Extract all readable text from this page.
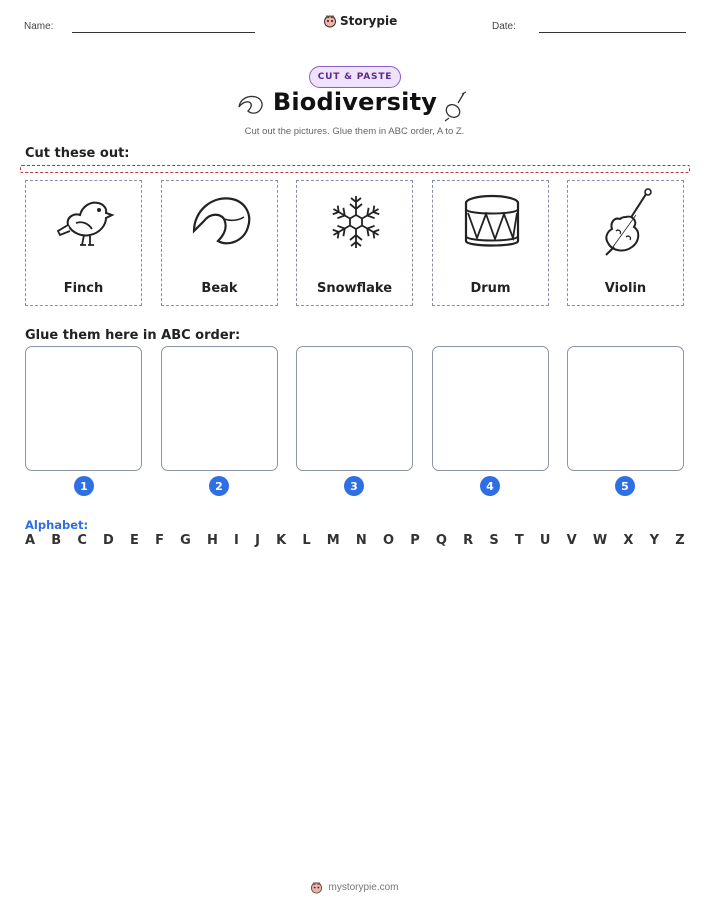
Name:	Storypie	Date:
CUT & PASTE
Biodiversity
Cut out the pictures. Glue them in ABC order, A to Z.
Cut these out:
Finch	Beak	Snowflake	Drum	Violin
Glue them here in ABC order:
1	2	3	4	5
Alphabet:
A B C D E F G H I J K L M N O P Q R S T U V W X Y Z
mystorypie.com
